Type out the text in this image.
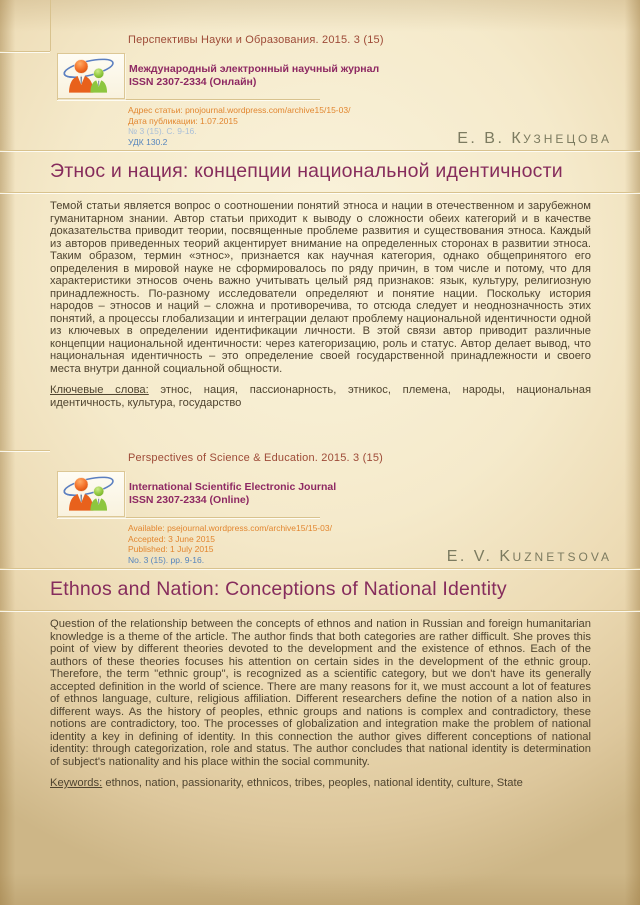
Перспективы Науки и Образования. 2015. 3 (15)
Международный электронный научный журнал
ISSN 2307-2334 (Онлайн)
Адрес статьи: pnojournal.wordpress.com/archive15/15-03/
Дата публикации: 1.07.2015
№ 3 (15). С. 9-16.
УДК 130.2	Е. В. КУЗНЕЦОВА
Этнос и нация: концепции национальной идентичности

Темой статьи является вопрос о соотношении понятий этноса и нации в отечественном и зарубежном гуманитарном знании. Автор статьи приходит к выводу о сложности обеих категорий и в качестве доказательства приводит теории, посвященные проблеме развития и существования этноса. Каждый из авторов приведенных теорий акцентирует внимание на определенных сторонах в развитии этноса. Таким образом, термин «этнос», признается как научная категория, однако общепринятого его определения в мировой науке не сформировалось по ряду причин, в том числе и потому, что для характеристики этносов очень важно учитывать целый ряд признаков: язык, культуру, религиозную принадлежность. По-разному исследователи определяют и понятие нации. Поскольку история народов – этносов и наций – сложна и противоречива, то отсюда следует и неоднозначность этих понятий, а процессы глобализации и интеграции делают проблему национальной идентичности одной из ключевых в определении идентификации личности. В этой связи автор приводит различные концепции национальной идентичности: через категоризацию, роль и статус. Автор делает вывод, что национальная идентичность – это определение своей государственной принадлежности и своего места внутри данной социальной общности.

Ключевые слова: этнос, нация, пассионарность, этникос, племена, народы, национальная идентичность, культура, государство

Perspectives of Science & Education. 2015. 3 (15)
International Scientific Electronic Journal
ISSN 2307-2334 (Online)
Available: psejournal.wordpress.com/archive15/15-03/
Accepted: 3 June 2015
Published: 1 July 2015
No. 3 (15). pp. 9-16.	E. V. KUZNETSOVA
Ethnos and Nation: Conceptions of National Identity

Question of the relationship between the concepts of ethnos and nation in Russian and foreign humanitarian knowledge is a theme of the article. The author finds that both categories are rather difficult. She proves this point of view by different theories devoted to the development and the existence of ethnos. Each of the authors of these theories focuses his attention on certain sides in the development of the ethnic group. Therefore, the term "ethnic group", is recognized as a scientific category, but we don't have its generally accepted definition in the world of science. There are many reasons for it, we must account a lot of features of ethnos language, culture, religious affiliation. Different researchers define the notion of a nation also in different ways. As the history of peoples, ethnic groups and nations is complex and contradictory, these notions are contradictory, too. The processes of globalization and integration make the problem of national identity a key in defining of identity. In this connection the author gives different conceptions of national identity: through categorization, role and status. The author concludes that national identity is determination of subject's nationality and his place within the social community.

Keywords: ethnos, nation, passionarity, ethnicos, tribes, peoples, national identity, culture, State
